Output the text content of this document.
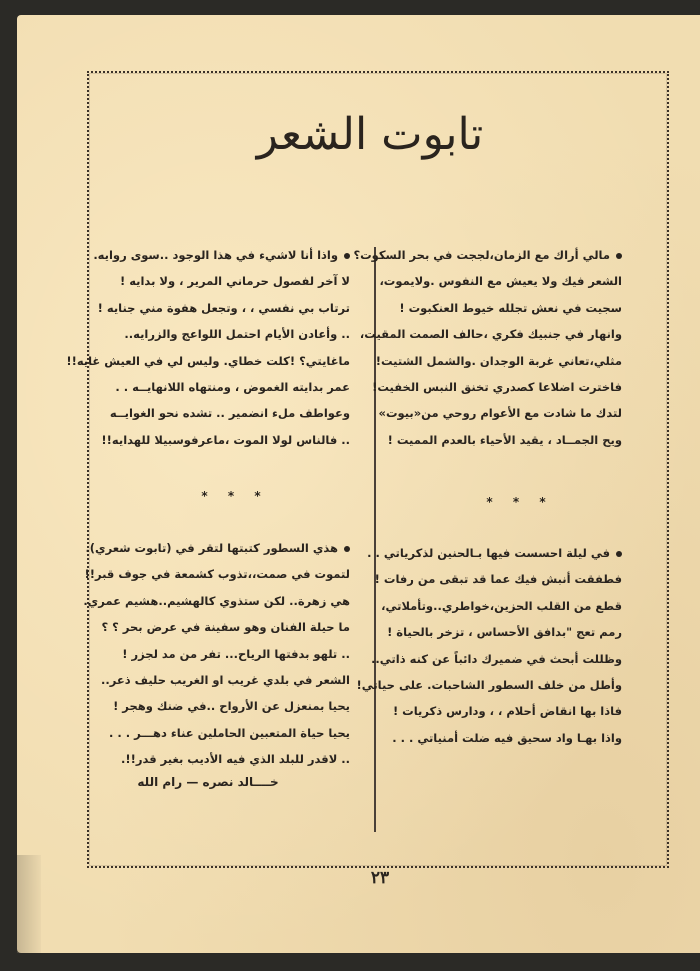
تابوت الشعر
مالي أراك مع الزمان،لججت في بحر السكوت؟
الشعر فيك ولا يعيش مع النفوس .ولايموت،
سجيت في نعش تجلله خيوط العنكبوت !
وانهار في جنبيك فكري ،حالف الصمت المقيت،
مثلي،تعاني غربة الوجدان .والشمل الشتيت!
فاخترت اضلاعا كصدري تخنق النبس الخفيت!
لتدك ما شادت مع الأعوام روحي من«بيوت»
ويح الجمــاد ، يقيد الأحياء بالعدم المميت !
* * *
في ليلة احسست فيها بـالحنين لذكرياتي . .
فطفقت أنبش فيك عما قد تبقى من رفات !
قطع من القلب الحزين،خواطري..وتأملاتي،
رمم تعج "بدافق الأحساس ، تزخر بالحياة !
وظللت أبحث في ضميرك دائباً عن كنه ذاتي..
وأطل من خلف السطور الشاحبات. على حياتي!
فاذا بها انقاض أحلام ، ، ودارس ذكريات !
واذا بهـا واد سحيق فيه ضلت أمنياتي . . .
واذا أنا لاشيء في هذا الوجود ..سوى روايه.
لا آخر لفصول حرماني المرير ، ولا بدايه !
ترتاب بي نفسي ، ، وتجعل هفوة مني جنايه !
.. وأعادن الأيام احتمل اللواعج والزرايه..
ماغايتي؟ !كلت خطاي. وليس لي في العيش غايه!!
عمر بدايته الغموض ، ومنتهاه اللانهايــه . .
وعواطف ملء انضمير .. تشده نحو الغوايــه
.. فالناس لولا الموت ،ماعرفوسبيلا للهدايه!!
* * *
هذي السطور كتبتها لتقر في (تابوت شعري).
لتموت في صمت،،تذوب كشمعة في جوف قبر!!
هي زهرة.. لكن ستذوي كالهشيم..هشيم عمري.
ما حيلة الفنان وهو سفينة في عرض بحر ؟ ؟
.. تلهو بدفتها الرياح... تفر من مد لجزر !
الشعر في بلدي غريب او الغريب حليف ذعر..
يحيا بمنعزل عن الأرواح ..في ضنك وهجر !
يحيا حياة المتعبين الحاملين عناء دهـــر . . .
.. لاقدر للبلد الذي فيه الأديب بغير قدر!!.
خــــالد نصره — رام الله
٢٣
